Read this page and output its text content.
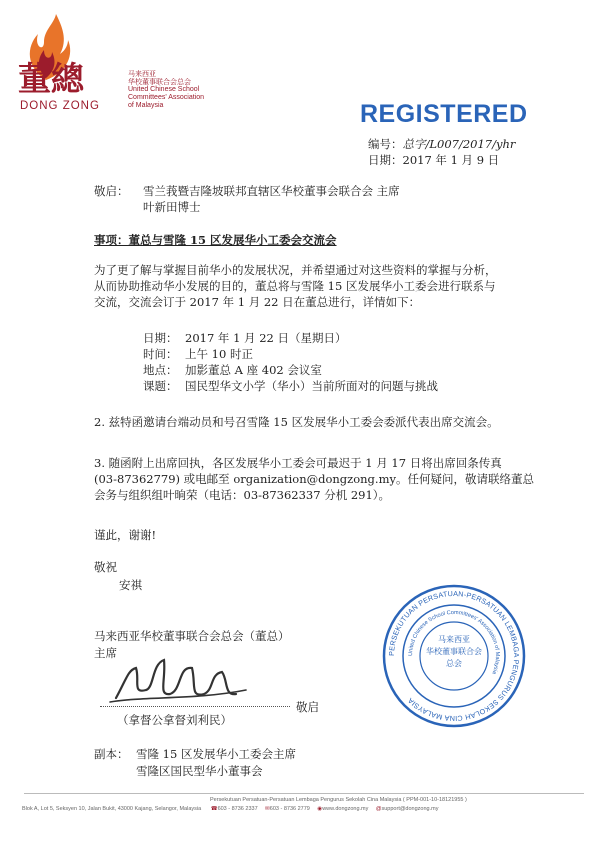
董總
DONG ZONG
马来西亚
华校董事联合会总会
United Chinese School
Committees' Association
of Malaysia	REGISTERED
编号：总字/L007/2017/yhr
日期：2017 年 1 月 9 日
敬启： 雪兰莪暨吉隆坡联邦直辖区华校董事会联合会 主席
叶新田博士
事项：董总与雪隆 15 区发展华小工委会交流会
为了更了解与掌握目前华小的发展状况，并希望通过对这些资料的掌握与分析，
从而协助推动华小发展的目的，董总将与雪隆 15 区发展华小工委会进行联系与
交流，交流会订于 2017 年 1 月 22 日在董总进行，详情如下：
日期： 2017 年 1 月 22 日（星期日）
时间： 上午 10 时正
地点： 加影董总 A 座 402 会议室
课题： 国民型华文小学（华小）当前所面对的问题与挑战
2. 兹特函邀请台端动员和号召雪隆 15 区发展华小工委会委派代表出席交流会。
3. 随函附上出席回执，各区发展华小工委会可最迟于 1 月 17 日将出席回条传真
(03-87362779) 或电邮至 organization@dongzong.my。任何疑问，敬请联络董总
会务与组织组叶晌荣（电话：03-87362337 分机 291）。
谨此，谢谢!
敬祝
安祺
马来西亚华校董事联合会总会（董总）
主席
（拿督公拿督刘利民）
敬启
PERSEKUTUAN PERSATUAN-PERSATUAN LEMBAGA PENGURUS SEKOLAH CINA MALAYSIA
United Chinese School Committees' Association of Malaysia
马来西亚
华校董事联合会
总会
副本： 雪隆 15 区发展华小工委会主席
雪隆区国民型华小董事会
Persekutuan Persatuan-Persatuan Lembaga Pengurus Sekolah Cina Malaysia ( PPM-001-10-18121955 )
Blok A, Lot 5, Seksyen 10, Jalan Bukit, 43000 Kajang, Selangor, Malaysia ☎603 - 8736 2337 ✉603 - 8736 2779 ◉www.dongzong.my @support@dongzong.my
